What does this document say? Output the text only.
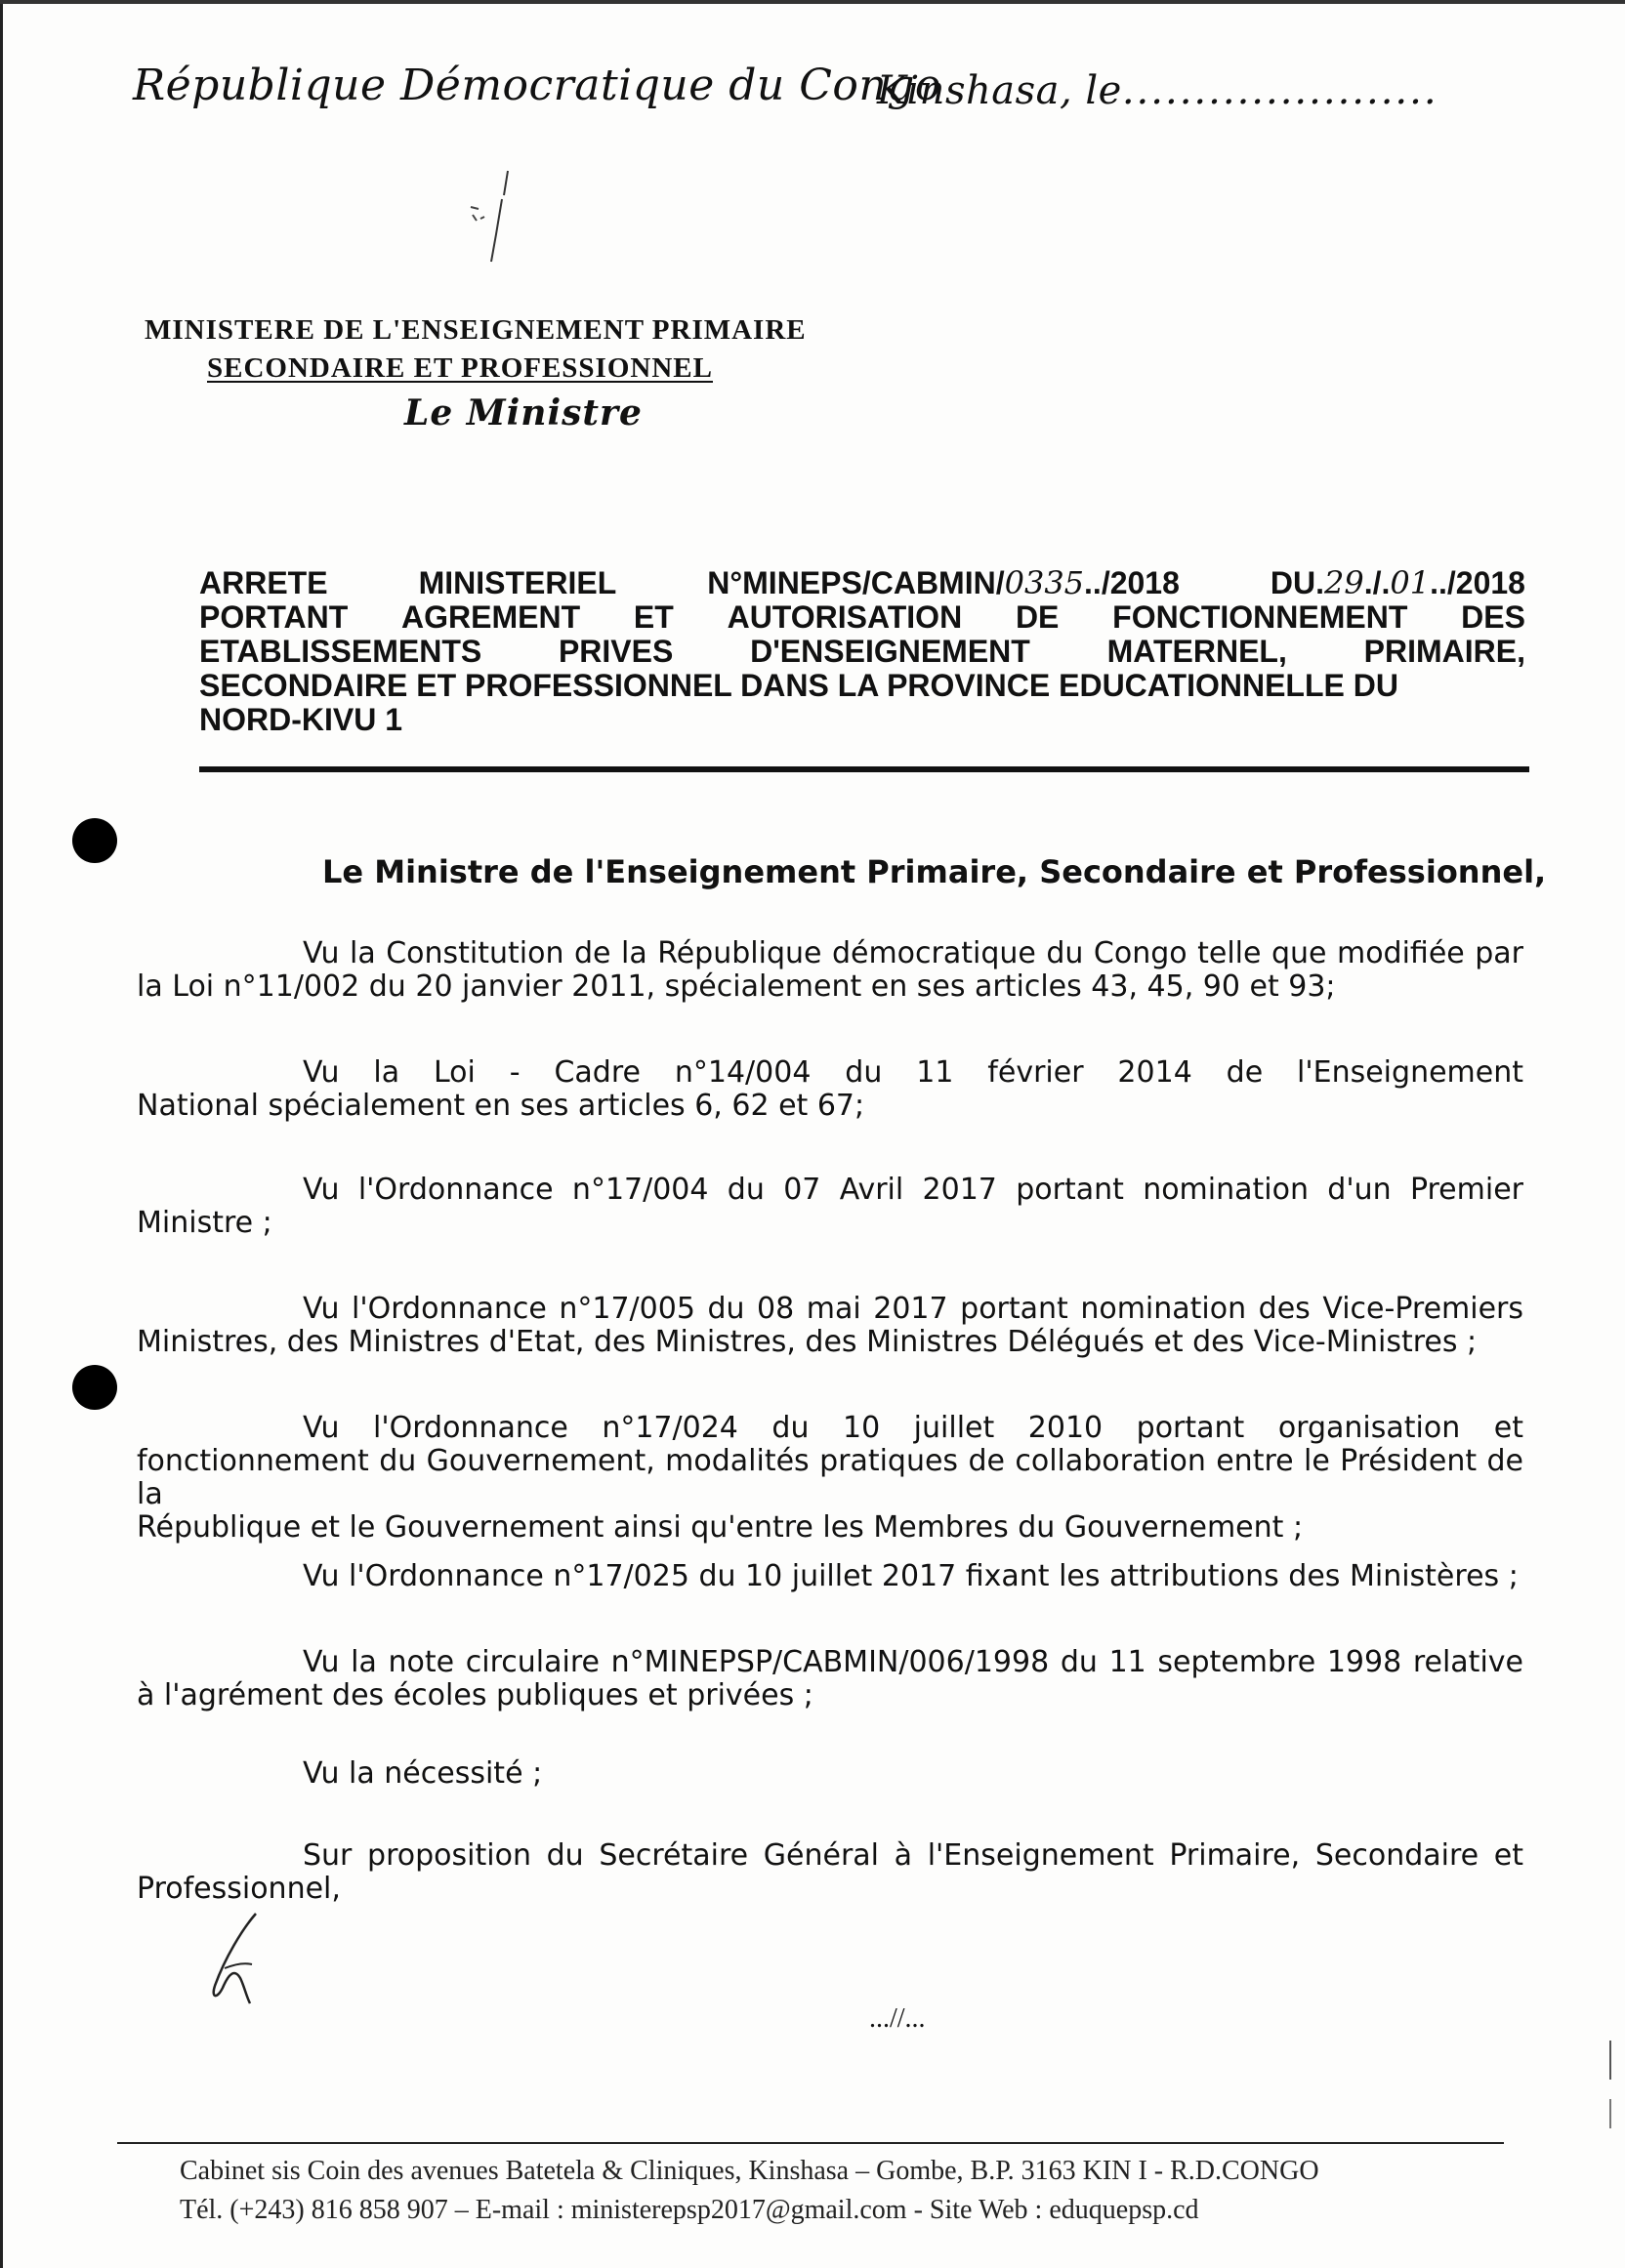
République Démocratique du Congo
Kinshasa, le......................
MINISTERE DE L'ENSEIGNEMENT PRIMAIRE
SECONDAIRE ET PROFESSIONNEL
Le Ministre
ARRETE	MINISTERIEL	N°MINEPS/CABMIN/0335../2018	DU.29./.01../2018
PORTANT AGREMENT ET AUTORISATION DE FONCTIONNEMENT DES
ETABLISSEMENTS PRIVES D'ENSEIGNEMENT MATERNEL, PRIMAIRE,
SECONDAIRE ET PROFESSIONNEL DANS LA PROVINCE EDUCATIONNELLE DU
NORD-KIVU 1
Le Ministre de l'Enseignement Primaire, Secondaire et Professionnel,
Vu la Constitution de la République démocratique du Congo telle que modifiée par
la Loi n°11/002 du 20 janvier 2011, spécialement en ses articles 43, 45, 90 et 93;
Vu la Loi - Cadre n°14/004 du 11 février 2014 de l'Enseignement
National spécialement en ses articles 6, 62 et 67;
Vu l'Ordonnance n°17/004 du 07 Avril 2017 portant nomination d'un Premier
Ministre ;
Vu l'Ordonnance n°17/005 du 08 mai 2017 portant nomination des Vice-Premiers
Ministres, des Ministres d'Etat, des Ministres, des Ministres Délégués et des Vice-Ministres ;
Vu l'Ordonnance n°17/024 du 10 juillet 2010 portant organisation et
fonctionnement du Gouvernement, modalités pratiques de collaboration entre le Président de la
République et le Gouvernement ainsi qu'entre les Membres du Gouvernement ;
Vu l'Ordonnance n°17/025 du 10 juillet 2017 fixant les attributions des Ministères ;
Vu la note circulaire n°MINEPSP/CABMIN/006/1998 du 11 septembre 1998 relative
à l'agrément des écoles publiques et privées ;
Vu la nécessité ;
Sur proposition du Secrétaire Général à l'Enseignement Primaire, Secondaire et
Professionnel,
...//...
Cabinet sis Coin des avenues Batetela & Cliniques, Kinshasa – Gombe, B.P. 3163 KIN I - R.D.CONGO
Tél. (+243) 816 858 907 – E-mail : ministerepsp2017@gmail.com - Site Web : eduquepsp.cd
